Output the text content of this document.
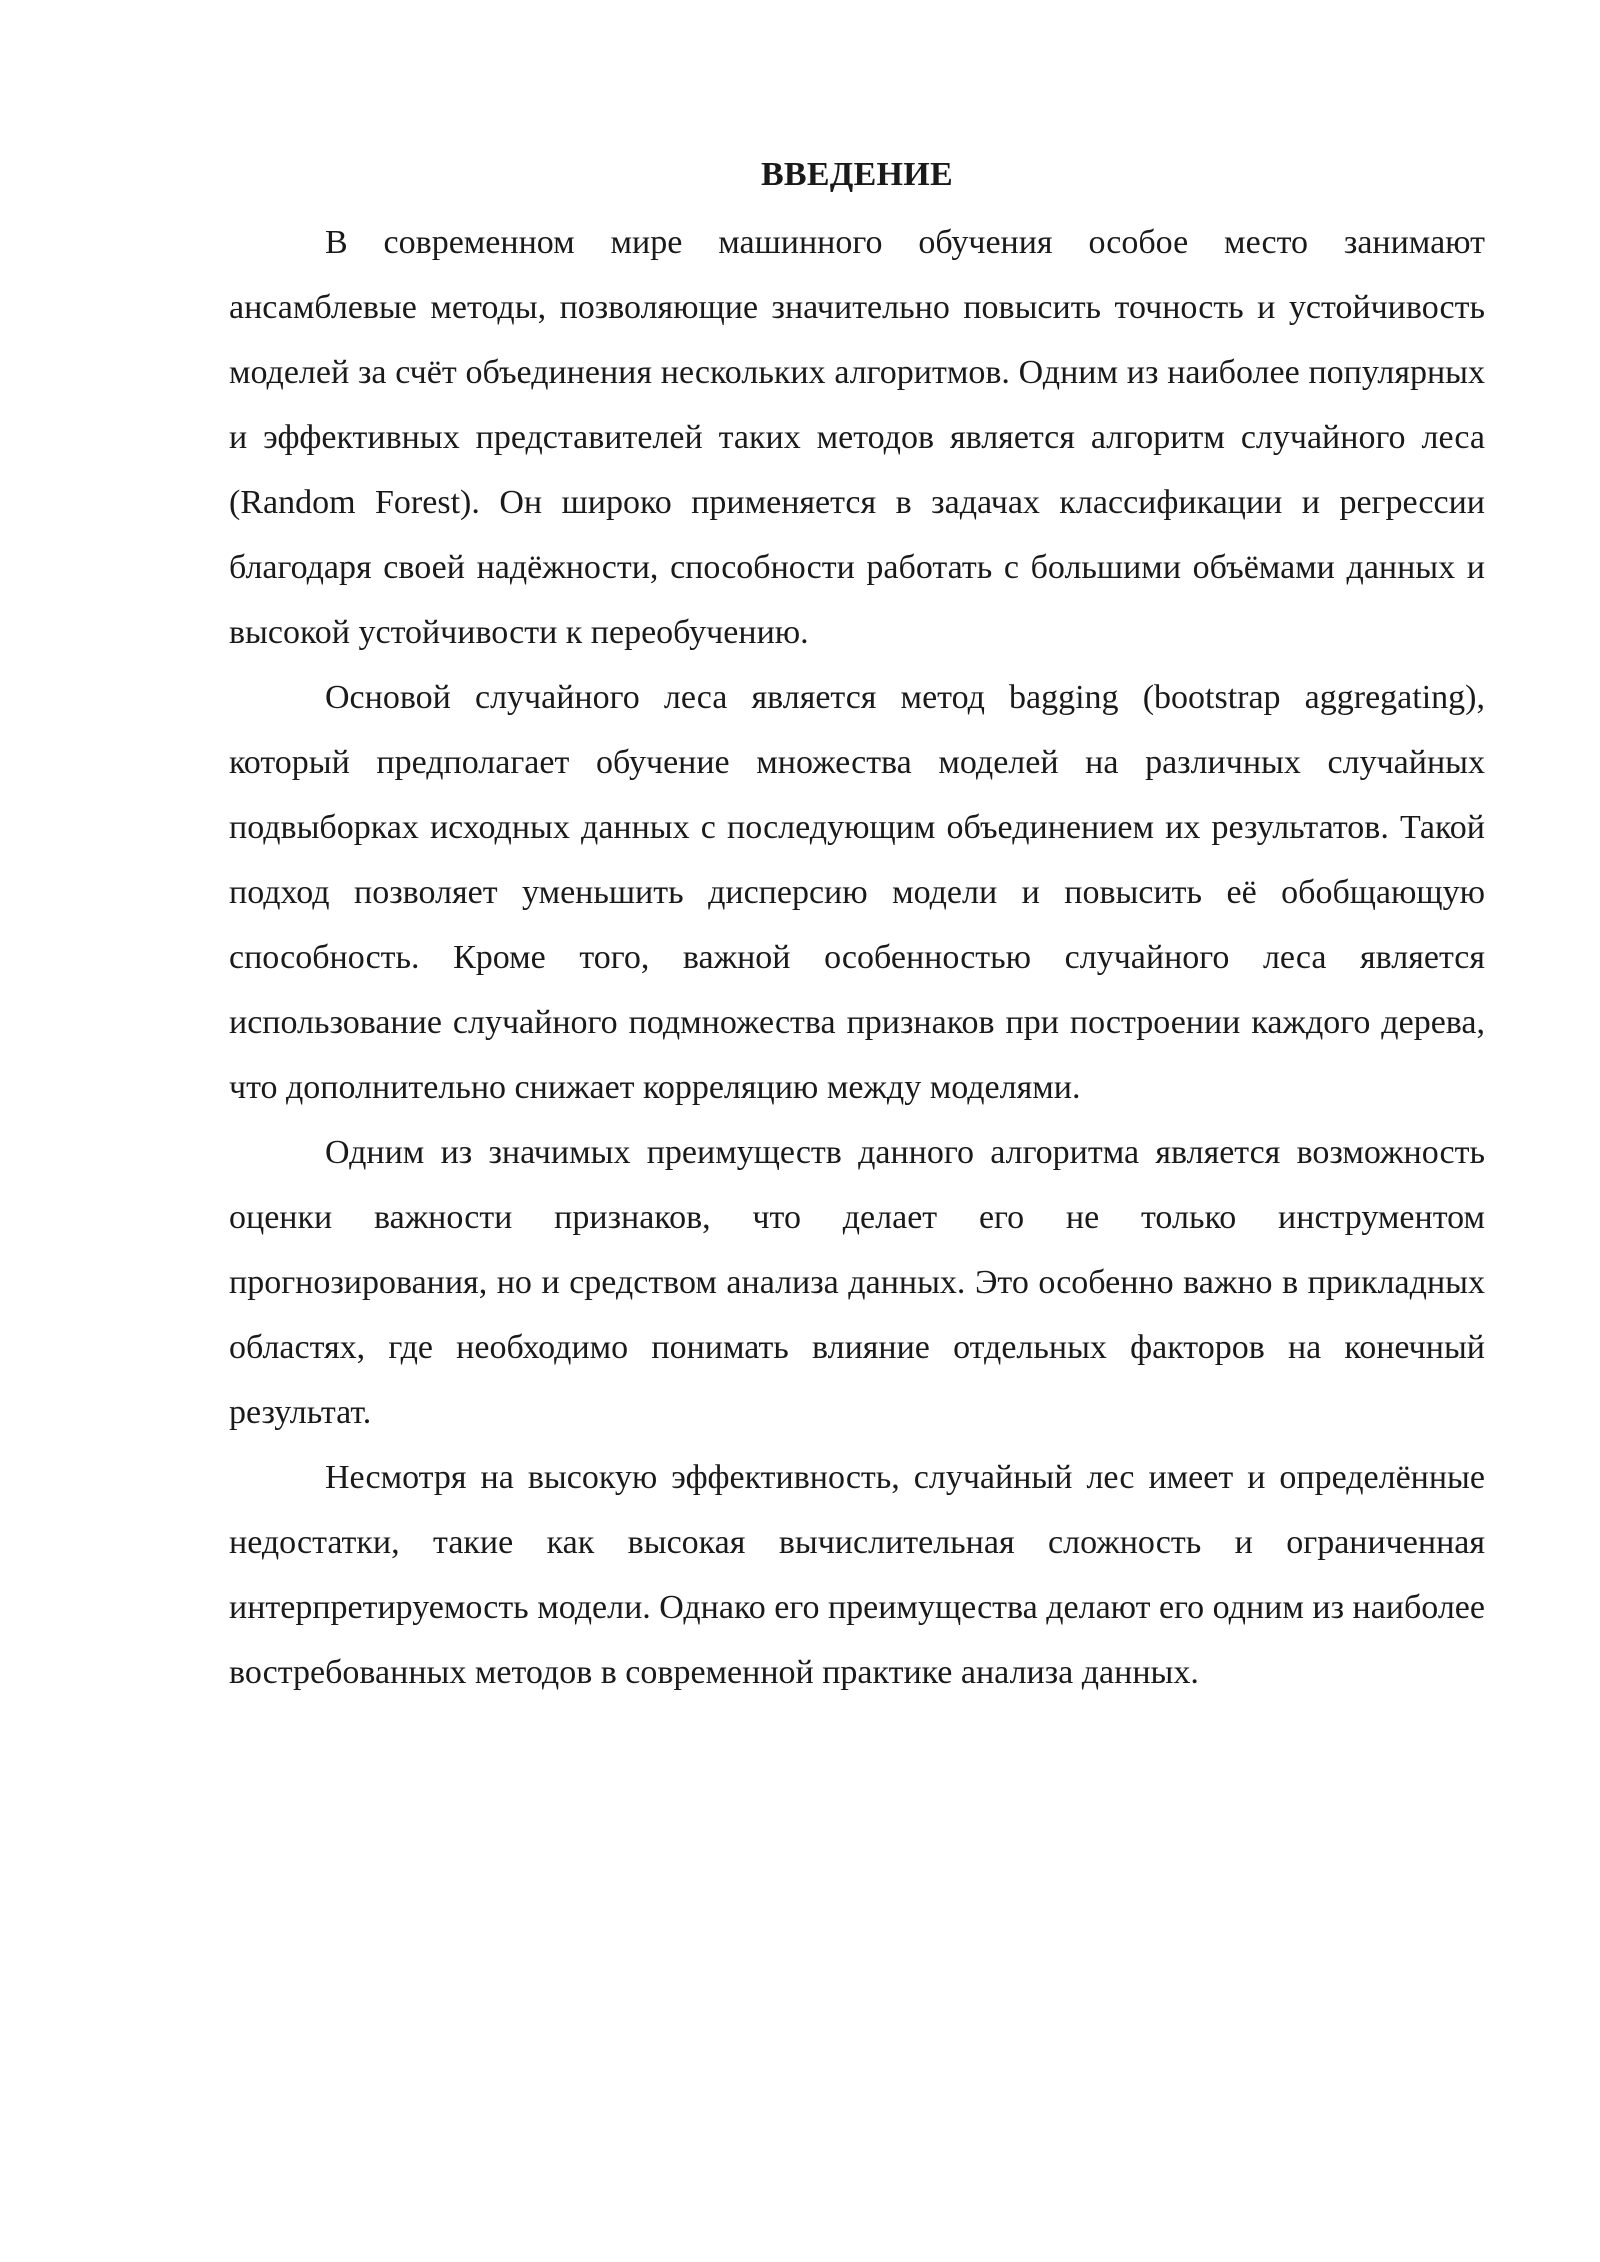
ВВЕДЕНИЕ

В современном мире машинного обучения особое место занимают ансамблевые методы, позволяющие значительно повысить точность и устойчивость моделей за счёт объединения нескольких алгоритмов. Одним из наиболее популярных и эффективных представителей таких методов является алгоритм случайного леса (Random Forest). Он широко применяется в задачах классификации и регрессии благодаря своей надёжности, способности работать с большими объёмами данных и высокой устойчивости к переобучению.

Основой случайного леса является метод bagging (bootstrap aggregating), который предполагает обучение множества моделей на различных случайных подвыборках исходных данных с последующим объединением их результатов. Такой подход позволяет уменьшить дисперсию модели и повысить её обобщающую способность. Кроме того, важной особенностью случайного леса является использование случайного подмножества признаков при построении каждого дерева, что дополнительно снижает корреляцию между моделями.

Одним из значимых преимуществ данного алгоритма является возможность оценки важности признаков, что делает его не только инструментом прогнозирования, но и средством анализа данных. Это особенно важно в прикладных областях, где необходимо понимать влияние отдельных факторов на конечный результат.

Несмотря на высокую эффективность, случайный лес имеет и определённые недостатки, такие как высокая вычислительная сложность и ограниченная интерпретируемость модели. Однако его преимущества делают его одним из наиболее востребованных методов в современной практике анализа данных.
